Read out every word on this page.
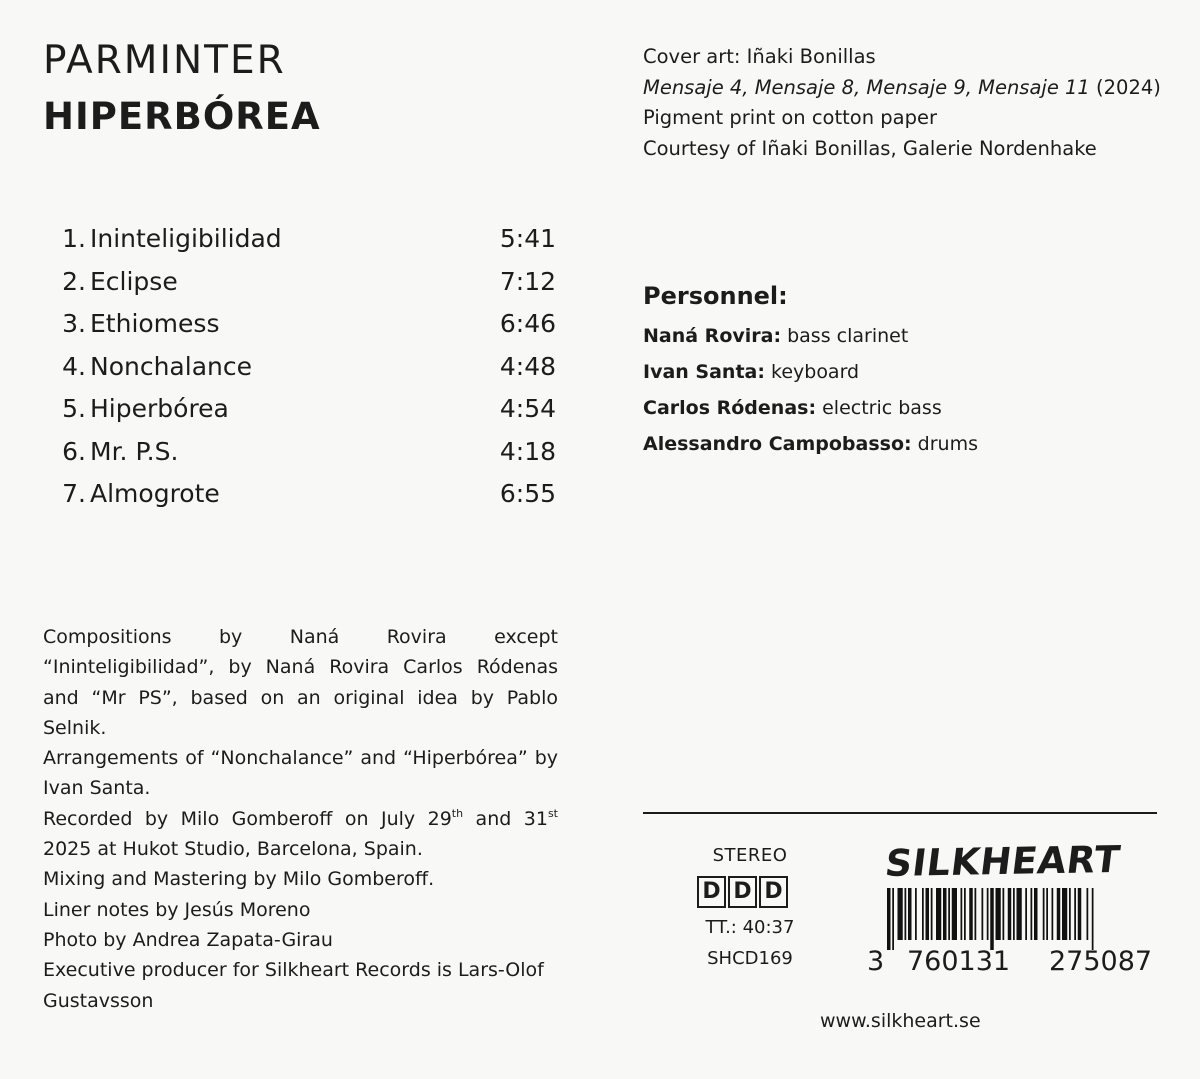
PARMINTER
HIPERBÓREA
1. Ininteligibilidad	5:41
2. Eclipse	7:12
3. Ethiomess	6:46
4. Nonchalance	4:48
5. Hiperbórea	4:54
6. Mr. P.S.	4:18
7. Almogrote	6:55

Compositions by Naná Rovira except “Ininteligibilidad”, by Naná Rovira Carlos Ródenas and “Mr PS”, based on an original idea by Pablo Selnik.

Arrangements of “Nonchalance” and “Hiperbórea” by Ivan Santa.

Recorded by Milo Gomberoff on July 29th and 31st 2025 at Hukot Studio, Barcelona, Spain.

Mixing and Mastering by Milo Gomberoff.

Liner notes by Jesús Moreno

Photo by Andrea Zapata-Girau

Executive producer for Silkheart Records is Lars-Olof Gustavsson

Cover art: Iñaki Bonillas
Mensaje 4, Mensaje 8, Mensaje 9, Mensaje 11 (2024)
Pigment print on cotton paper
Courtesy of Iñaki Bonillas, Galerie Nordenhake
Personnel:
Naná Rovira: bass clarinet
Ivan Santa: keyboard
Carlos Ródenas: electric bass
Alessandro Campobasso: drums
STEREO
D D D
TT.: 40:37
SHCD169
SILKHEART
3 760131 275087
www.silkheart.se
